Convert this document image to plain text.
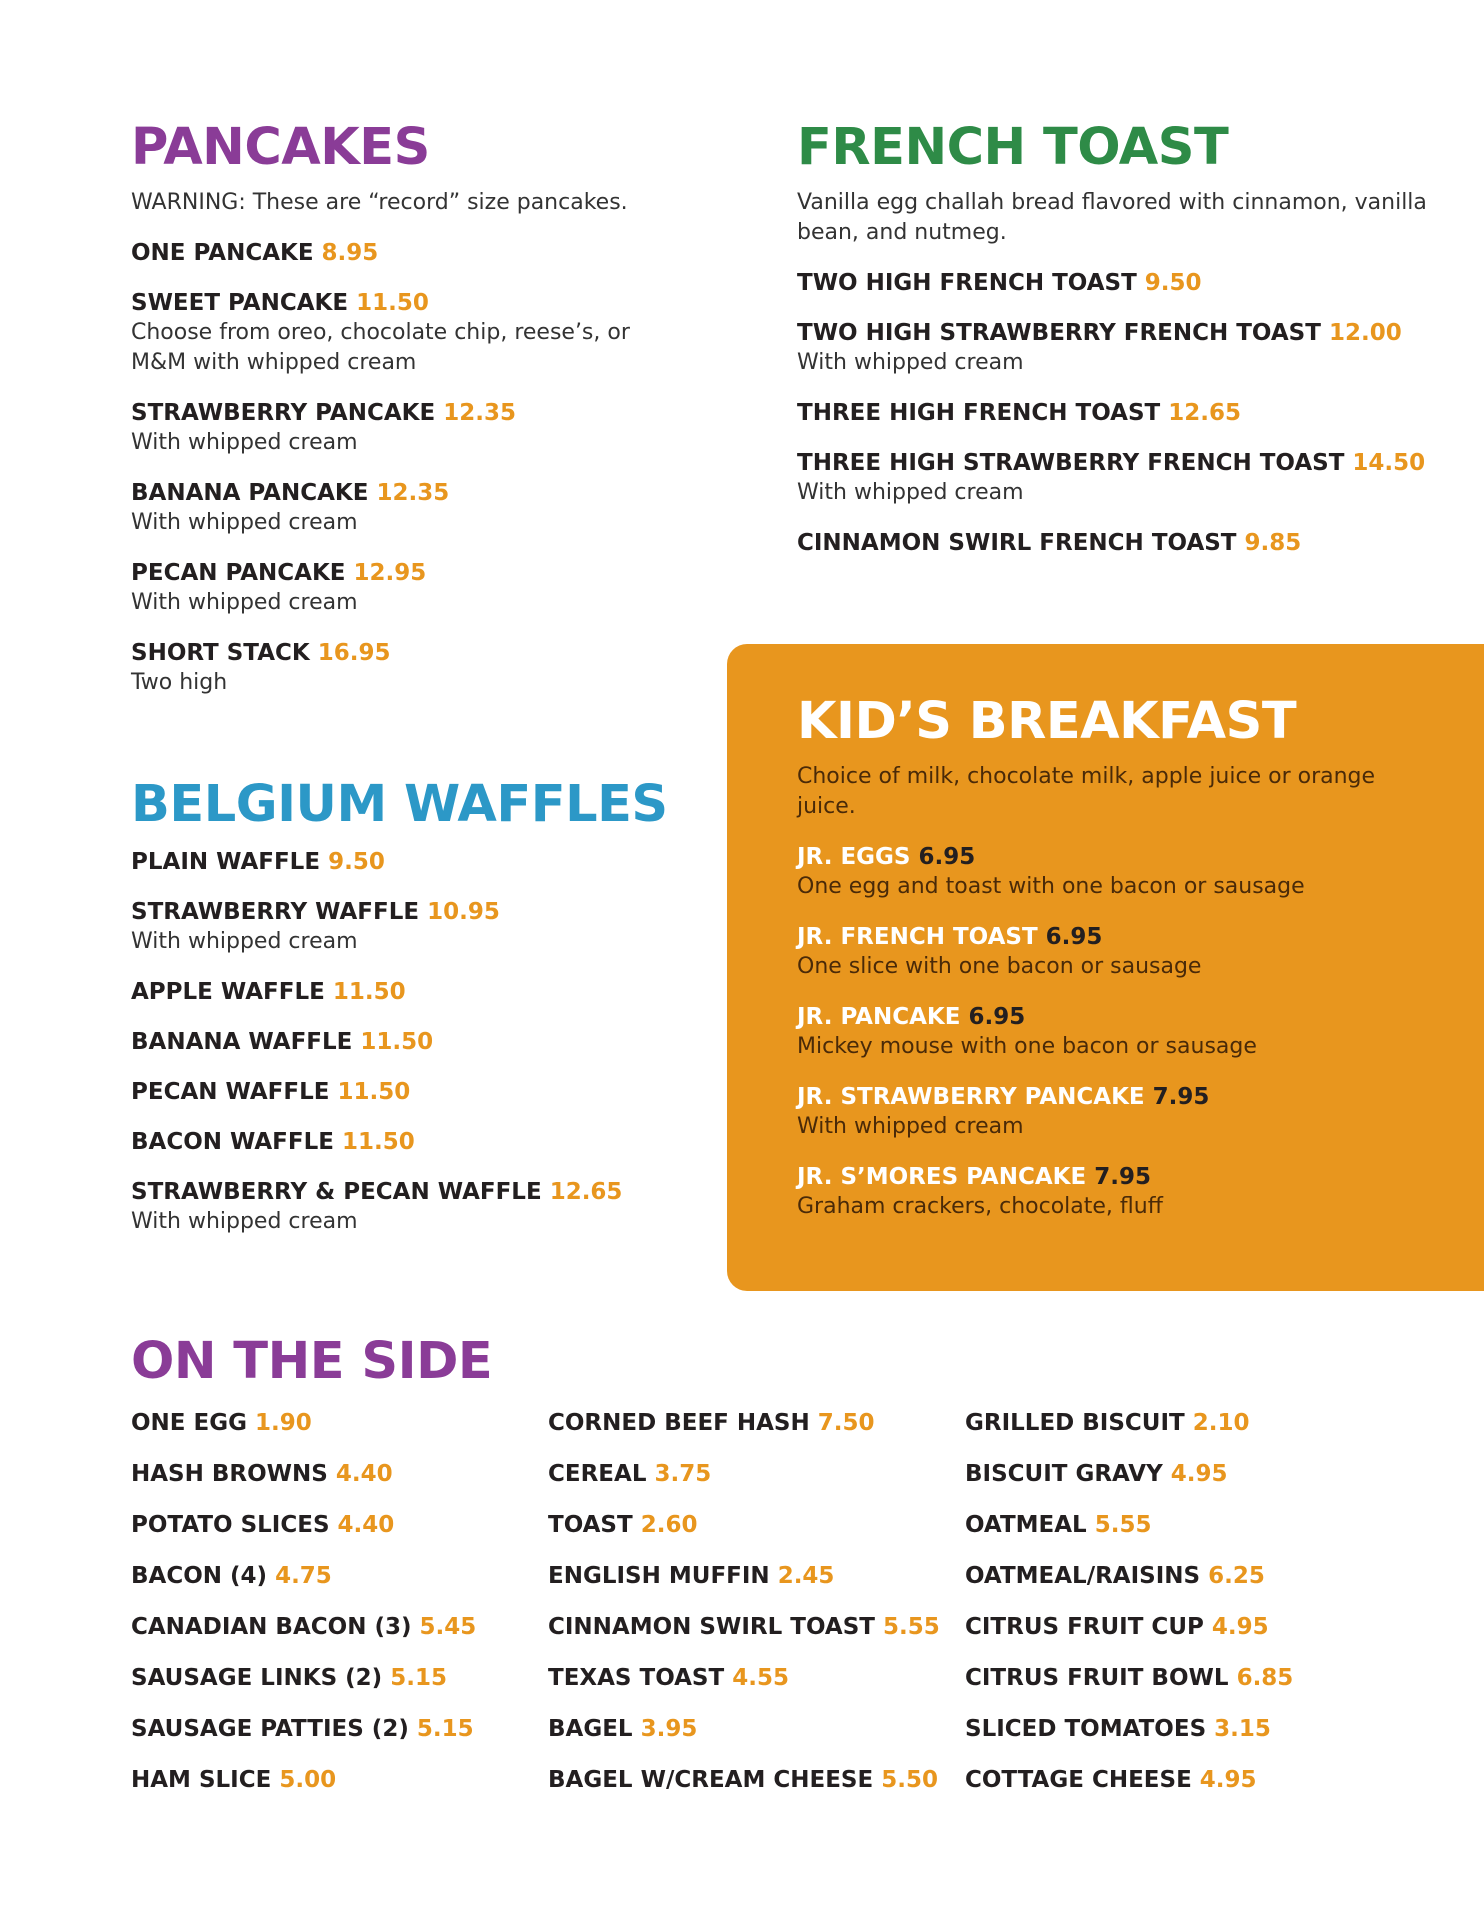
PANCAKES
WARNING: These are “record” size pancakes.
ONE PANCAKE 8.95
SWEET PANCAKE 11.50
Choose from oreo, chocolate chip, reese’s, or M&M with whipped cream
STRAWBERRY PANCAKE 12.35
With whipped cream
BANANA PANCAKE 12.35
With whipped cream
PECAN PANCAKE 12.95
With whipped cream
SHORT STACK 16.95
Two high
FRENCH TOAST
Vanilla egg challah bread flavored with cinnamon, vanilla bean, and nutmeg.
TWO HIGH FRENCH TOAST 9.50
TWO HIGH STRAWBERRY FRENCH TOAST 12.00
With whipped cream
THREE HIGH FRENCH TOAST 12.65
THREE HIGH STRAWBERRY FRENCH TOAST 14.50
With whipped cream
CINNAMON SWIRL FRENCH TOAST 9.85
BELGIUM WAFFLES
PLAIN WAFFLE 9.50
STRAWBERRY WAFFLE 10.95
With whipped cream
APPLE WAFFLE 11.50
BANANA WAFFLE 11.50
PECAN WAFFLE 11.50
BACON WAFFLE 11.50
STRAWBERRY & PECAN WAFFLE 12.65
With whipped cream
KID’S BREAKFAST
Choice of milk, chocolate milk, apple juice or orange juice.
JR. EGGS 6.95
One egg and toast with one bacon or sausage
JR. FRENCH TOAST 6.95
One slice with one bacon or sausage
JR. PANCAKE 6.95
Mickey mouse with one bacon or sausage
JR. STRAWBERRY PANCAKE 7.95
With whipped cream
JR. S’MORES PANCAKE 7.95
Graham crackers, chocolate, fluff
ON THE SIDE
ONE EGG 1.90
HASH BROWNS 4.40
POTATO SLICES 4.40
BACON (4) 4.75
CANADIAN BACON (3) 5.45
SAUSAGE LINKS (2) 5.15
SAUSAGE PATTIES (2) 5.15
HAM SLICE 5.00
CORNED BEEF HASH 7.50
CEREAL 3.75
TOAST 2.60
ENGLISH MUFFIN 2.45
CINNAMON SWIRL TOAST 5.55
TEXAS TOAST 4.55
BAGEL 3.95
BAGEL W/CREAM CHEESE 5.50
GRILLED BISCUIT 2.10
BISCUIT GRAVY 4.95
OATMEAL 5.55
OATMEAL/RAISINS 6.25
CITRUS FRUIT CUP 4.95
CITRUS FRUIT BOWL 6.85
SLICED TOMATOES 3.15
COTTAGE CHEESE 4.95
